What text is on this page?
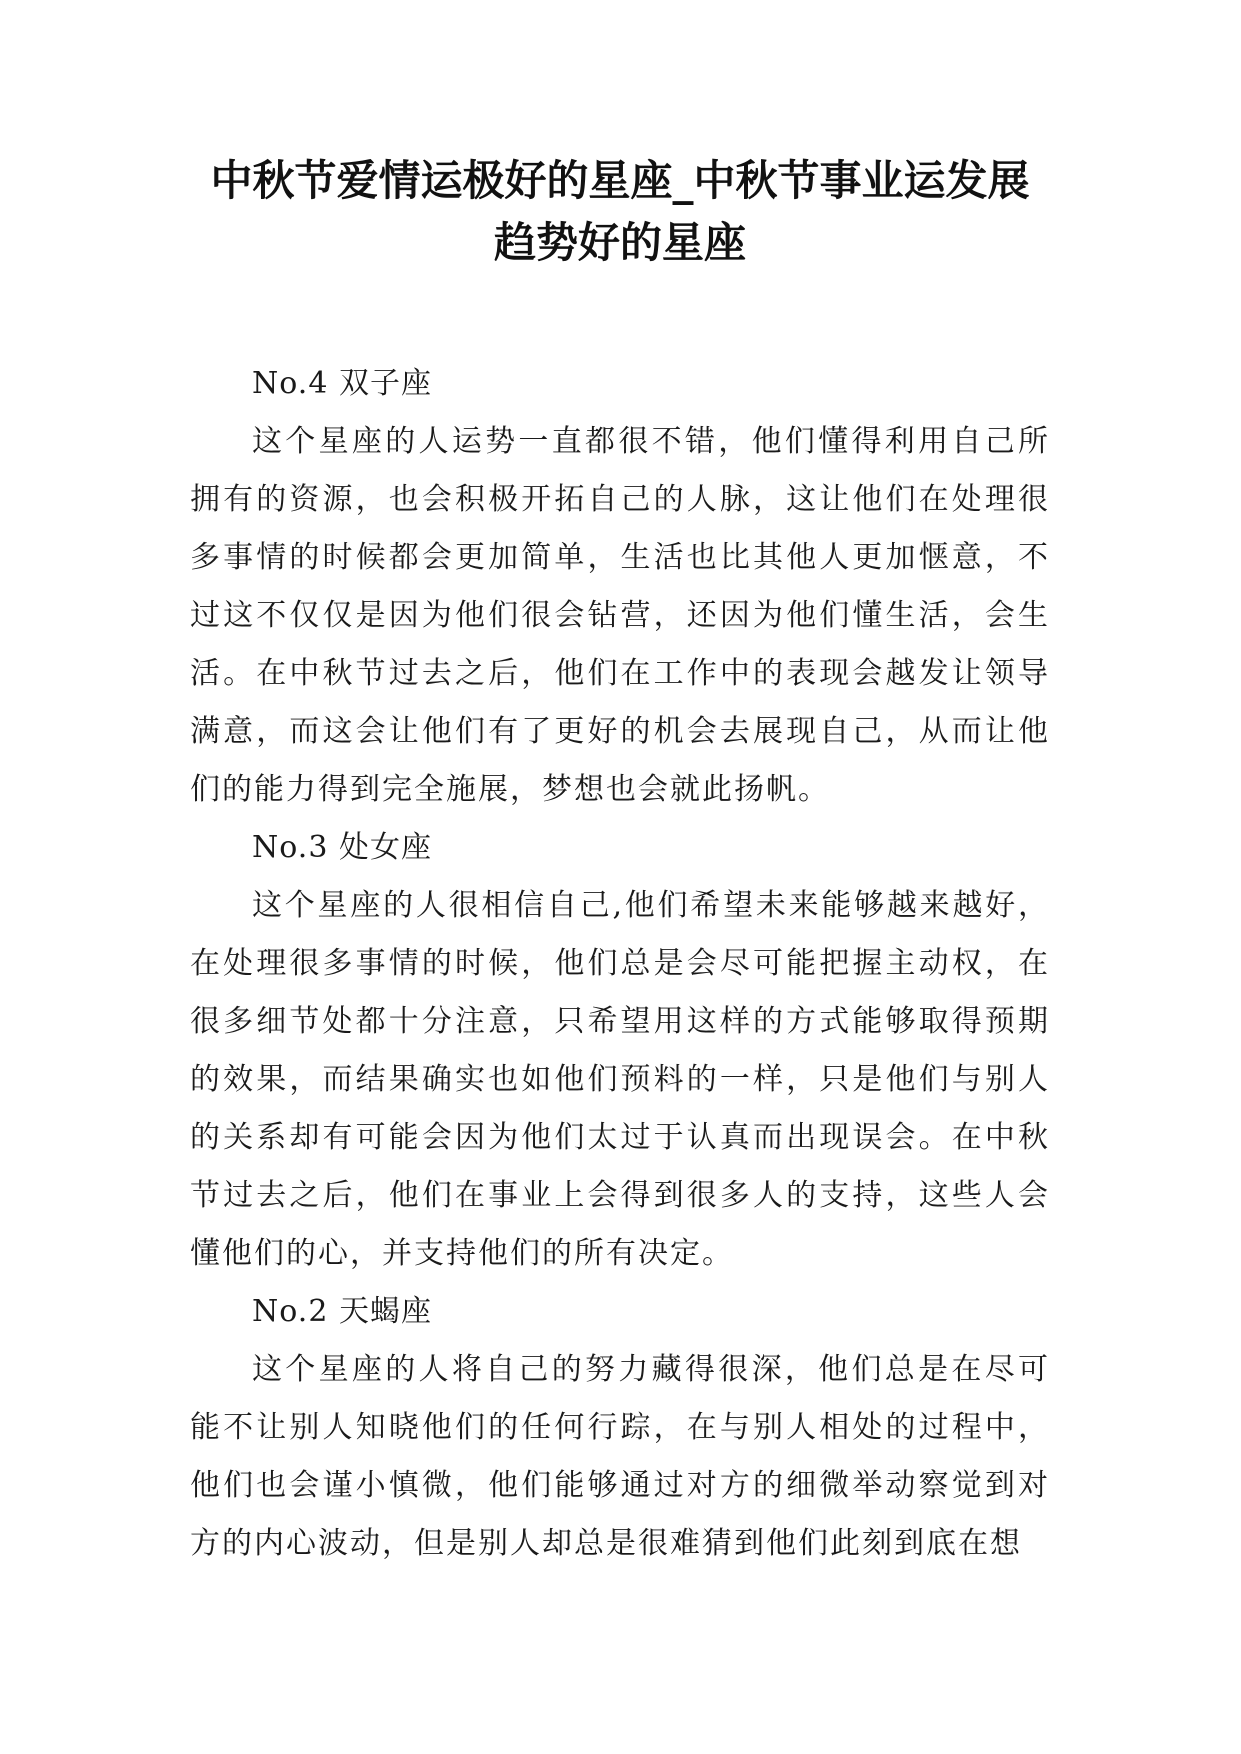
中秋节爱情运极好的星座_中秋节事业运发展趋势好的星座

No.4 双子座

这个星座的人运势一直都很不错，他们懂得利用自己所拥有的资源，也会积极开拓自己的人脉，这让他们在处理很多事情的时候都会更加简单，生活也比其他人更加惬意，不过这不仅仅是因为他们很会钻营，还因为他们懂生活，会生活。在中秋节过去之后，他们在工作中的表现会越发让领导满意，而这会让他们有了更好的机会去展现自己，从而让他们的能力得到完全施展，梦想也会就此扬帆。

No.3 处女座

这个星座的人很相信自己,他们希望未来能够越来越好，在处理很多事情的时候，他们总是会尽可能把握主动权，在很多细节处都十分注意，只希望用这样的方式能够取得预期的效果，而结果确实也如他们预料的一样，只是他们与别人的关系却有可能会因为他们太过于认真而出现误会。在中秋节过去之后，他们在事业上会得到很多人的支持，这些人会懂他们的心，并支持他们的所有决定。

No.2 天蝎座

这个星座的人将自己的努力藏得很深，他们总是在尽可能不让别人知晓他们的任何行踪，在与别人相处的过程中，他们也会谨小慎微，他们能够通过对方的细微举动察觉到对方的内心波动，但是别人却总是很难猜到他们此刻到底在想
